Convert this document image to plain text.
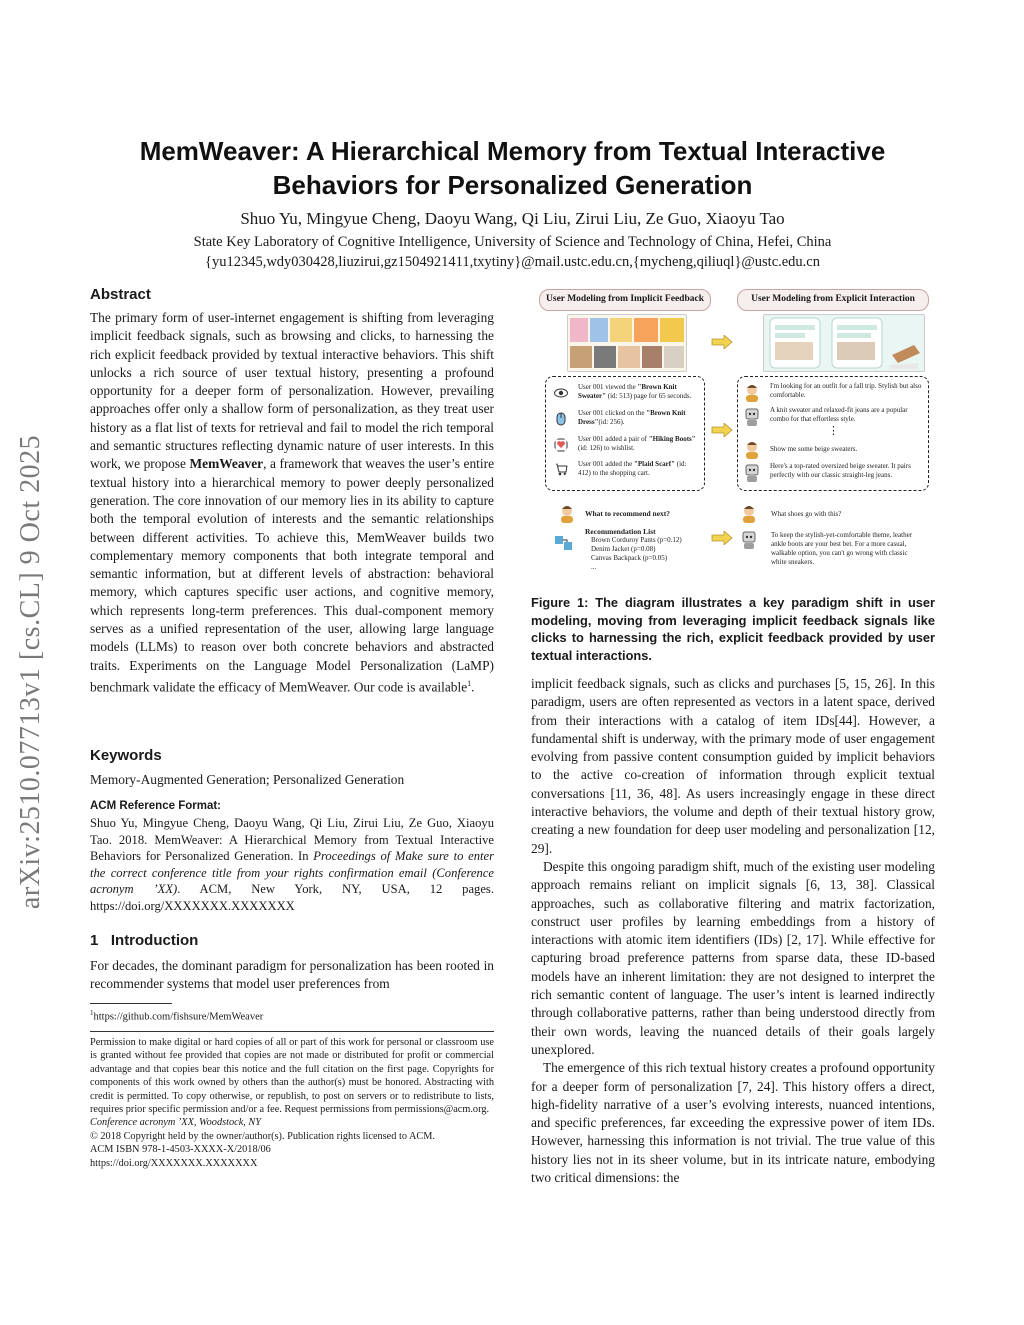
arXiv:2510.07713v1 [cs.CL] 9 Oct 2025
MemWeaver: A Hierarchical Memory from Textual Interactive
Behaviors for Personalized Generation
Shuo Yu, Mingyue Cheng, Daoyu Wang, Qi Liu, Zirui Liu, Ze Guo, Xiaoyu Tao
State Key Laboratory of Cognitive Intelligence, University of Science and Technology of China, Hefei, China
{yu12345,wdy030428,liuzirui,gz1504921411,txytiny}@mail.ustc.edu.cn,{mycheng,qiliuql}@ustc.edu.cn
Abstract

The primary form of user-internet engagement is shifting from leveraging implicit feedback signals, such as browsing and clicks, to harnessing the rich explicit feedback provided by textual interactive behaviors. This shift unlocks a rich source of user textual history, presenting a profound opportunity for a deeper form of personalization. However, prevailing approaches offer only a shallow form of personalization, as they treat user history as a flat list of texts for retrieval and fail to model the rich temporal and semantic structures reflecting dynamic nature of user interests. In this work, we propose MemWeaver, a framework that weaves the user’s entire textual history into a hierarchical memory to power deeply personalized generation. The core innovation of our memory lies in its ability to capture both the temporal evolution of interests and the semantic relationships between different activities. To achieve this, MemWeaver builds two complementary memory components that both integrate temporal and semantic information, but at different levels of abstraction: behavioral memory, which captures specific user actions, and cognitive memory, which represents long-term preferences. This dual-component memory serves as a unified representation of the user, allowing large language models (LLMs) to reason over both concrete behaviors and abstracted traits. Experiments on the Language Model Personalization (LaMP) benchmark validate the efficacy of MemWeaver. Our code is available$^1$.

Keywords

Memory-Augmented Generation; Personalized Generation

ACM Reference Format:
Shuo Yu, Mingyue Cheng, Daoyu Wang, Qi Liu, Zirui Liu, Ze Guo, Xiaoyu Tao. 2018. MemWeaver: A Hierarchical Memory from Textual Interactive Behaviors for Personalized Generation. In Proceedings of Make sure to enter the correct conference title from your rights confirmation email (Conference acronym ’XX). ACM, New York, NY, USA, 12 pages. https://doi.org/XXXXXXX.XXXXXXX
1 Introduction

For decades, the dominant paradigm for personalization has been rooted in recommender systems that model user preferences from

$^1$https://github.com/fishsure/MemWeaver
Permission to make digital or hard copies of all or part of this work for personal or classroom use is granted without fee provided that copies are not made or distributed for profit or commercial advantage and that copies bear this notice and the full citation on the first page. Copyrights for components of this work owned by others than the author(s) must be honored. Abstracting with credit is permitted. To copy otherwise, or republish, to post on servers or to redistribute to lists, requires prior specific permission and/or a fee. Request permissions from permissions@acm.org.
Conference acronym ’XX, Woodstock, NY
© 2018 Copyright held by the owner/author(s). Publication rights licensed to ACM.
ACM ISBN 978-1-4503-XXXX-X/2018/06
https://doi.org/XXXXXXX.XXXXXXX
User Modeling from Implicit Feedback	User Modeling from Explicit Interaction
User 001 viewed the "Brown Knit Sweater" (id: 513) page for 65 seconds.
User 001 clicked on the "Brown Knit Dress"(id: 256).
User 001 added a pair of "Hiking Boots" (id: 126) to wishlist.
User 001 added the "Plaid Scarf" (id: 412) to the shopping cart.
I'm looking for an outfit for a fall trip. Stylish but also comfortable.
A knit sweater and relaxed-fit jeans are a popular combo for that effortless style.
⋮
Show me some beige sweaters.
Here's a top-rated oversized beige sweater. It pairs perfectly with our classic straight-leg jeans.
What to recommend next?
Recommendation List
Brown Corduroy Pants (p=0.12)
Denim Jacket (p=0.08)
Canvas Backpack (p=0.05)
...
What shoes go with this?
To keep the stylish-yet-comfortable theme, leather ankle boots are your best bet. For a more casual, walkable option, you can't go wrong with classic white sneakers.
Figure 1: The diagram illustrates a key paradigm shift in user modeling, moving from leveraging implicit feedback signals like clicks to harnessing the rich, explicit feedback provided by user textual interactions.

implicit feedback signals, such as clicks and purchases [5, 15, 26]. In this paradigm, users are often represented as vectors in a latent space, derived from their interactions with a catalog of item IDs[44]. However, a fundamental shift is underway, with the primary mode of user engagement evolving from passive content consumption guided by implicit behaviors to the active co-creation of information through explicit textual conversations [11, 36, 48]. As users increasingly engage in these direct interactive behaviors, the volume and depth of their textual history grow, creating a new foundation for deep user modeling and personalization [12, 29].

Despite this ongoing paradigm shift, much of the existing user modeling approach remains reliant on implicit signals [6, 13, 38]. Classical approaches, such as collaborative filtering and matrix factorization, construct user profiles by learning embeddings from a history of interactions with atomic item identifiers (IDs) [2, 17]. While effective for capturing broad preference patterns from sparse data, these ID-based models have an inherent limitation: they are not designed to interpret the rich semantic content of language. The user’s intent is learned indirectly through collaborative patterns, rather than being understood directly from their own words, leaving the nuanced details of their goals largely unexplored.

The emergence of this rich textual history creates a profound opportunity for a deeper form of personalization [7, 24]. This history offers a direct, high-fidelity narrative of a user’s evolving interests, nuanced intentions, and specific preferences, far exceeding the expressive power of item IDs. However, harnessing this information is not trivial. The true value of this history lies not in its sheer volume, but in its intricate nature, embodying two critical dimensions: the
